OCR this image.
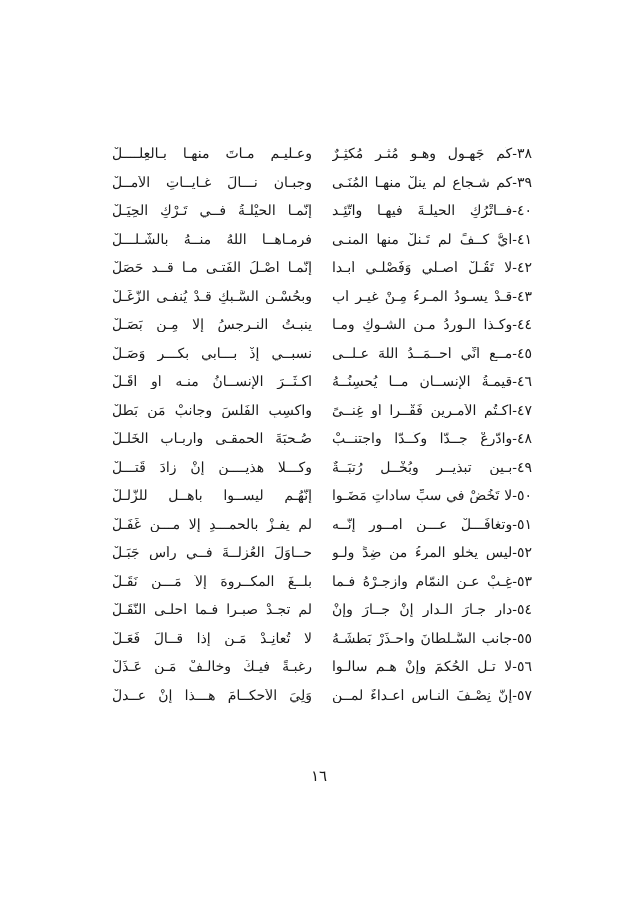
٣٨-كَم جَهـولٍ وهـو مُثـرٍ مُكْثِـرٌ
وعـليـمٍ مـاتَ منهـا بـالعِلَــــلْ
٣٩-كم شـجاعٍ لم ينلْ منهـا المُنَـى
وجبـانٍ نـــالَ غـايــاتِ الأمــلْ
٤٠-فــاتْرُكِ الحيلـةَ فيهـا واتَّئِـد
إنّمـا الحيْلـةُ فــي تَـرْكِ الحِيَـلْ
٤١-أيُّ كــفٍّ لم تَـنلْ منها المنـى
فرمـاهــا اللهُ منــهُ بالشَّـلَـــلْ
٤٢-لا تَقُـلْ أصـلي وَفَصْلـي أبـداً
إنّمـا أصْـلُ الفَتـى مـا قــد حَصَلْ
٤٣-قـدْ يسـودُ المـرءُ مِـنْ غيـرِ أبٍ
وبحُسْـنِ السَّـبكِ قـدْ يُنفـى الزَّغَـلْ
٤٤-وكـذا الـوردُ مـن الشـوكِ ومـا
ينبـتُ النـرجِسُ إلا مِـن بَصَـلْ
٤٥-مــع أنِّي أحــمَــدُ اللهَ عـلــى
نسبــي إذْ بـــأبي بكـــرٍ وَصَـلْ
٤٦-قيمـةُ الإنســانِ مــا يُحسِنُــهُ
أكـثَــرَ الإنســانُ منـه أو أقَـلْ
٤٧-أُكـتُمِ الأمـرينِ فَقْــراً أو غِنــىً
واكسِبِ الفَلْسَ وجانبْ مَن بَطَلْ
٤٨-وادّرِعْ جِــدّاً وكَــدّاً واجتنــبْ
صُـحبَةَ الحمقـى وأربـابِ الخَلَـلْ
٤٩-بـين تبذيــرٍ وبُخْــلٍ رُتبَــةٌ
وكـــلا هذيــــنِ إنْ زادَ قَتـــلْ
٥٠-لا تَخُضْ في سبِّ ساداتٍ مَضَـوا
إنّهُـم ليســوا بأهــلٍ للزَّلَـلْ
٥١-وتغافَـــلْ عـــن أمــورٍ إنّــه
لم يفـزْ بالحمـــدِ إلا مـــن غَفَـلْ
٥٢-ليس يخلو المرءُ من ضِدٍّ ولـو
حــاوَلَ العُزلَــةَ فــي رأسِ جَبَـلْ
٥٣-غِـبْ عـن النمّامِ وازجـرْهُ فـما
بلَّــغَ المكــروهَ إلاّ مَـــن نَقَـلْ
٥٤-دارِ جـارَ الـدارِ إنْ جــارَ وإنْ
لم تجـدْ صبـراً فـما أحلـى النُّقَـلْ
٥٥-جانبِ السُّـلْطانَ واحـذَرْ بَطْشَـهُ
لا تُعانِـدْ مَـن إذا قــالَ فَعَـلْ
٥٦-لا تـلِ الحُكمَ وإنْ هـم سألـوا
رغبـةً فيـكَ وخالـفْ مَـن عَـذَلْ
٥٧-إنَّ نِصْـفَ النـاسِ أعـداءٌ لمــن
وَلِيَ الأحكــامَ هـــذا إنْ عــدلْ
١٦
